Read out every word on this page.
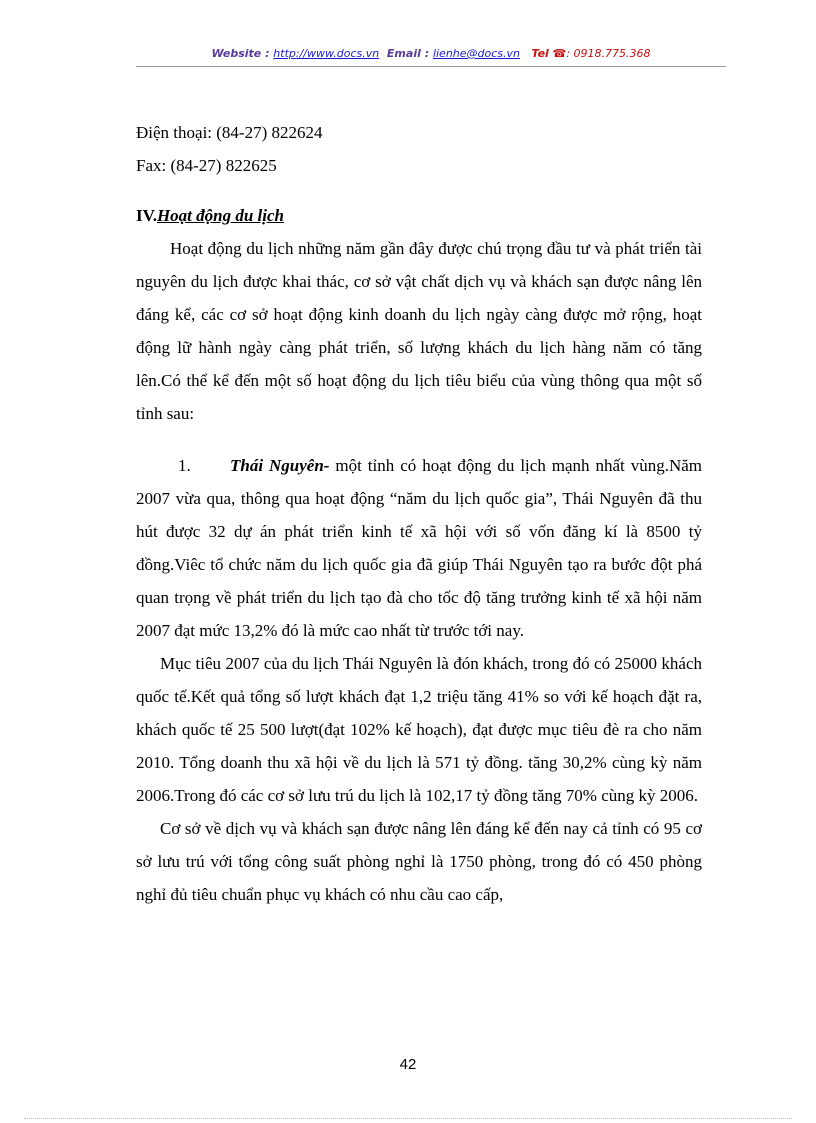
Website : http://www.docs.vn Email : lienhe@docs.vn Tel ☎: 0918.775.368

Điện thoại: (84-27) 822624

Fax: (84-27) 822625

IV.Hoạt động du lịch

Hoạt động du lịch những năm gần đây được chú trọng đầu tư và phát triển tài nguyên du lịch được khai thác, cơ sở vật chất dịch vụ và khách sạn được nâng lên đáng kể, các cơ sở hoạt động kinh doanh du lịch ngày càng được mở rộng, hoạt động lữ hành ngày càng phát triển, số lượng khách du lịch hàng năm có tăng lên.Có thể kể đến một số hoạt động du lịch tiêu biểu của vùng thông qua một số tỉnh sau:

1. Thái Nguyên- một tỉnh có hoạt động du lịch mạnh nhất vùng.Năm 2007 vừa qua, thông qua hoạt động “năm du lịch quốc gia”, Thái Nguyên đã thu hút được 32 dự án phát triển kinh tế xã hội với số vốn đăng kí là 8500 tỷ đồng.Viêc tổ chức năm du lịch quốc gia đã giúp Thái Nguyên tạo ra bước đột phá quan trọng về phát triển du lịch tạo đà cho tốc độ tăng trưởng kinh tế xã hội năm 2007 đạt mức 13,2% đó là mức cao nhất từ trước tới nay.

Mục tiêu 2007 của du lịch Thái Nguyên là đón khách, trong đó có 25000 khách quốc tế.Kết quả tổng số lượt khách đạt 1,2 triệu tăng 41% so với kế hoạch đặt ra, khách quốc tế 25 500 lượt(đạt 102% kế hoạch), đạt được mục tiêu đè ra cho năm 2010. Tổng doanh thu xã hội về du lịch là 571 tỷ đồng. tăng 30,2% cùng kỳ năm 2006.Trong đó các cơ sở lưu trú du lịch là 102,17 tỷ đồng tăng 70% cùng kỳ 2006.

Cơ sở về dịch vụ và khách sạn được nâng lên đáng kể đến nay cả tỉnh có 95 cơ sở lưu trú với tổng công suất phòng nghỉ là 1750 phòng, trong đó có 450 phòng nghỉ đủ tiêu chuẩn phục vụ khách có nhu cầu cao cấp,

42
